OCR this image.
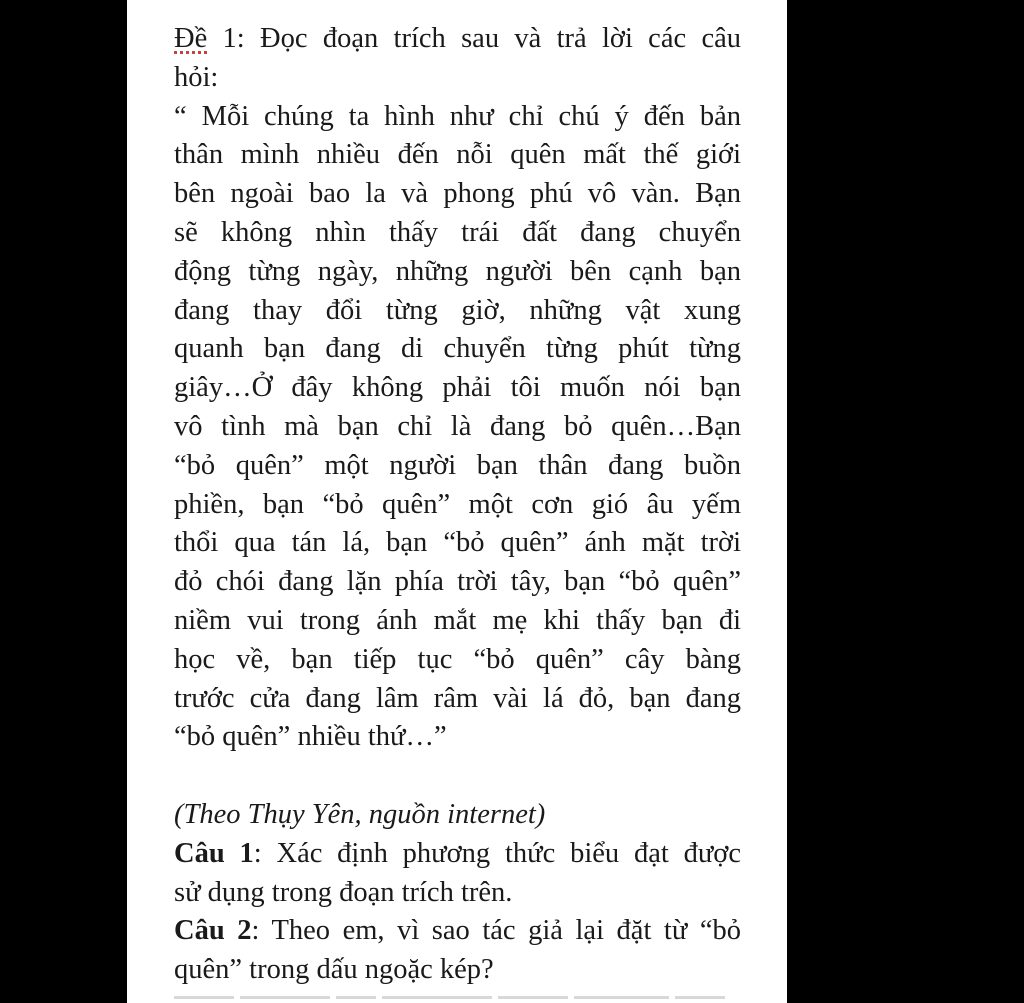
Đề 1: Đọc đoạn trích sau và trả lời các câu
hỏi:
“ Mỗi chúng ta hình như chỉ chú ý đến bản
thân mình nhiều đến nỗi quên mất thế giới
bên ngoài bao la và phong phú vô vàn. Bạn
sẽ không nhìn thấy trái đất đang chuyển
động từng ngày, những người bên cạnh bạn
đang thay đổi từng giờ, những vật xung
quanh bạn đang di chuyển từng phút từng
giây…Ở đây không phải tôi muốn nói bạn
vô tình mà bạn chỉ là đang bỏ quên…Bạn
“bỏ quên” một người bạn thân đang buồn
phiền, bạn “bỏ quên” một cơn gió âu yếm
thổi qua tán lá, bạn “bỏ quên” ánh mặt trời
đỏ chói đang lặn phía trời tây, bạn “bỏ quên”
niềm vui trong ánh mắt mẹ khi thấy bạn đi
học về, bạn tiếp tục “bỏ quên” cây bàng
trước cửa đang lâm râm vài lá đỏ, bạn đang
“bỏ quên” nhiều thứ…”
(Theo Thụy Yên, nguồn internet)
Câu 1: Xác định phương thức biểu đạt được
sử dụng trong đoạn trích trên.
Câu 2: Theo em, vì sao tác giả lại đặt từ “bỏ
quên” trong dấu ngoặc kép?
